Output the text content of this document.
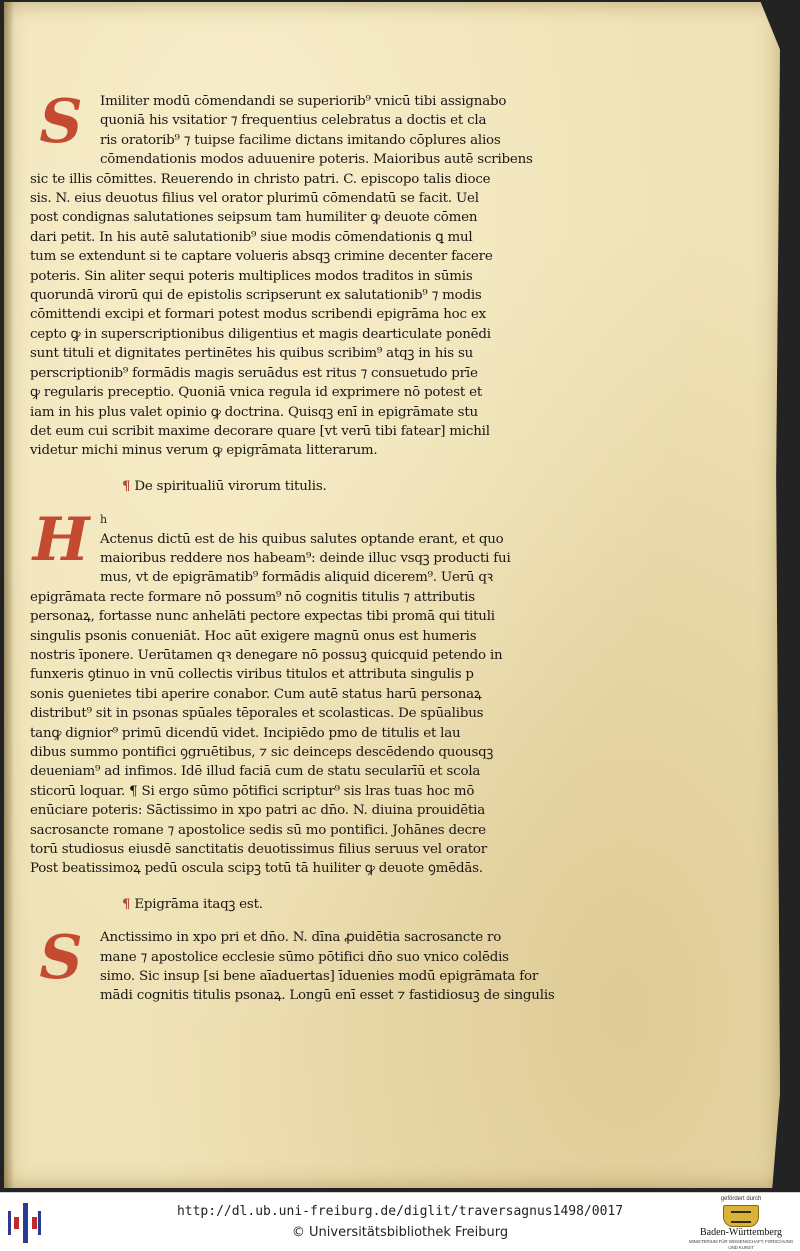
S	Imiliter modū cōmendandi se superiorib⁹ vnicū tibi assignabo
quoniā his vsitatior ⁊ frequentius celebratus a doctis et cla
ris oratorib⁹ ⁊ tuipse facilime dictans imitando cōplures alios
cōmendationis modos aduuenire poteris. Maioribus autē scribens
sic te illis cōmittes. Reuerendo in christo patri. C. episcopo talis dioce
sis. N. eius deuotus filius vel orator plurimū cōmendatū se facit. Uel
post condignas salutationes seipsum tam humiliter ꝙ deuote cōmen
dari petit. In his autē salutationib⁹ siue modis cōmendationis ꝗ mul
tum se extendunt si te captare volueris absqꝫ crimine decenter facere
poteris. Sin aliter sequi poteris multiplices modos traditos in sūmis
quorundā virorū qui de epistolis scripserunt ex salutationib⁹ ⁊ modis
cōmittendi excipi et formari potest modus scribendi epigrāma hoc ex
cepto ꝙ in superscriptionibus diligentius et magis dearticulate ponēdi
sunt tituli et dignitates pertinētes his quibus scribim⁹ atqꝫ in his su
perscriptionib⁹ formādis magis seruādus est ritus ⁊ consuetudo prīe
ꝙ regularis preceptio. Quoniā vnica regula id exprimere nō potest et
iam in his plus valet opinio ꝙ doctrina. Quisqꝫ enī in epigrāmate stu
det eum cui scribit maxime decorare quare [vt verū tibi fatear] michil
videtur michi minus verum ꝙ epigrāmata litterarum.
¶ De spiritualiū virorum titulis.
H h
Actenus dictū est de his quibus salutes optande erant, et quo
maioribus reddere nos habeam⁹: deinde illuc vsqꝫ producti fui
mus, vt de epigrāmatib⁹ formādis aliquid dicerem⁹. Uerū qꝛ
epigrāmata recte formare nō possum⁹ nō cognitis titulis ⁊ attributis
personaꝝ, fortasse nunc anhelāti pectore expectas tibi promā qui tituli
singulis psonis conueniāt. Hoc aūt exigere magnū onus est humeris
nostris īponere. Uerūtamen qꝛ denegare nō possuꝫ quicquid petendo in
funxeris ꝯtinuo in vnū collectis viribus titulos et attributa singulis p
sonis ꝯuenietes tibi aperire conabor. Cum autē status harū personaꝝ
distribut⁹ sit in psonas spūales tēporales et scolasticas. De spūalibus
tanꝙ dignior⁹ primū dicendū videt. Incipiēdo pmo de titulis et lau
dibus summo pontifici ꝯgruētibus, ⁊ sic deinceps descēdendo quousqꝫ
deueniam⁹ ad infimos. Idē illud faciā cum de statu secularīū et scola
sticorū loquar. ¶ Si ergo sūmo pōtifici scriptur⁹ sis lras tuas hoc mō
enūciare poteris: Sāctissimo in xpo patri ac dn̄o. N. diuina prouidētia
sacrosancte romane ⁊ apostolice sedis sū mo pontifici. Johānes decre
torū studiosus eiusdē sanctitatis deuotissimus filius seruus vel orator
Post beatissimoꝝ pedū oscula scipꝫ totū tā huiliter ꝙ deuote ꝯmēdās.
¶ Epigrāma itaqꝫ est.
S	Anctissimo in xpo pri et dn̄o. N. dīna ꝓuidētia sacrosancte ro
mane ⁊ apostolice ecclesie sūmo pōtifici dn̄o suo vnico colēdis
simo. Sic insup [si bene aīaduertas] īduenies modū epigrāmata for
mādi cognitis titulis psonaꝝ. Longū enī esset ⁊ fastidiosuꝫ de singulis
http://dl.ub.uni-freiburg.de/diglit/traversagnus1498/0017
© Universitätsbibliothek Freiburg
gefördert durch
Baden-Württemberg
MINISTERIUM FÜR WISSENSCHAFT, FORSCHUNG UND KUNST
